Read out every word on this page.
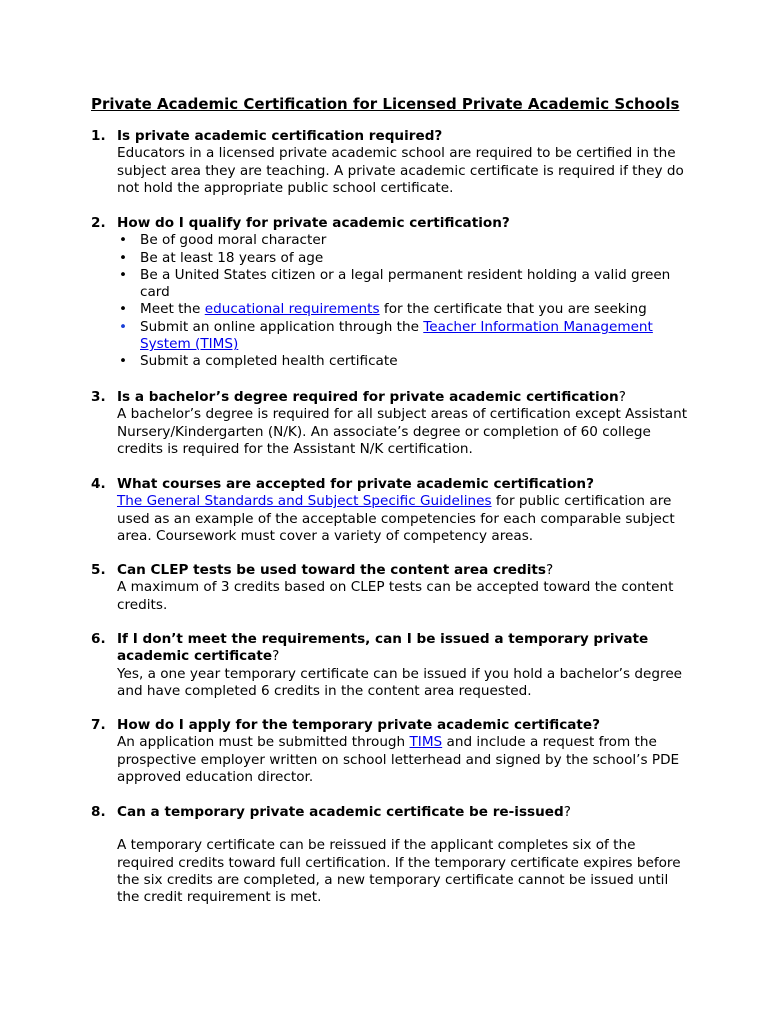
Private Academic Certification for Licensed Private Academic Schools
1. Is private academic certification required?
Educators in a licensed private academic school are required to be certified in the subject area they are teaching. A private academic certificate is required if they do not hold the appropriate public school certificate.
2. How do I qualify for private academic certification?
• Be of good moral character
• Be at least 18 years of age
• Be a United States citizen or a legal permanent resident holding a valid green card
• Meet the educational requirements for the certificate that you are seeking
• Submit an online application through the Teacher Information Management System (TIMS)
• Submit a completed health certificate
3. Is a bachelor’s degree required for private academic certification?
A bachelor’s degree is required for all subject areas of certification except Assistant Nursery/Kindergarten (N/K). An associate’s degree or completion of 60 college credits is required for the Assistant N/K certification.
4. What courses are accepted for private academic certification?
The General Standards and Subject Specific Guidelines for public certification are used as an example of the acceptable competencies for each comparable subject area. Coursework must cover a variety of competency areas.
5. Can CLEP tests be used toward the content area credits?
A maximum of 3 credits based on CLEP tests can be accepted toward the content credits.
6. If I don’t meet the requirements, can I be issued a temporary private academic certificate?
Yes, a one year temporary certificate can be issued if you hold a bachelor’s degree and have completed 6 credits in the content area requested.
7. How do I apply for the temporary private academic certificate?
An application must be submitted through TIMS and include a request from the prospective employer written on school letterhead and signed by the school’s PDE approved education director.
8. Can a temporary private academic certificate be re-issued?
A temporary certificate can be reissued if the applicant completes six of the required credits toward full certification. If the temporary certificate expires before the six credits are completed, a new temporary certificate cannot be issued until the credit requirement is met.
